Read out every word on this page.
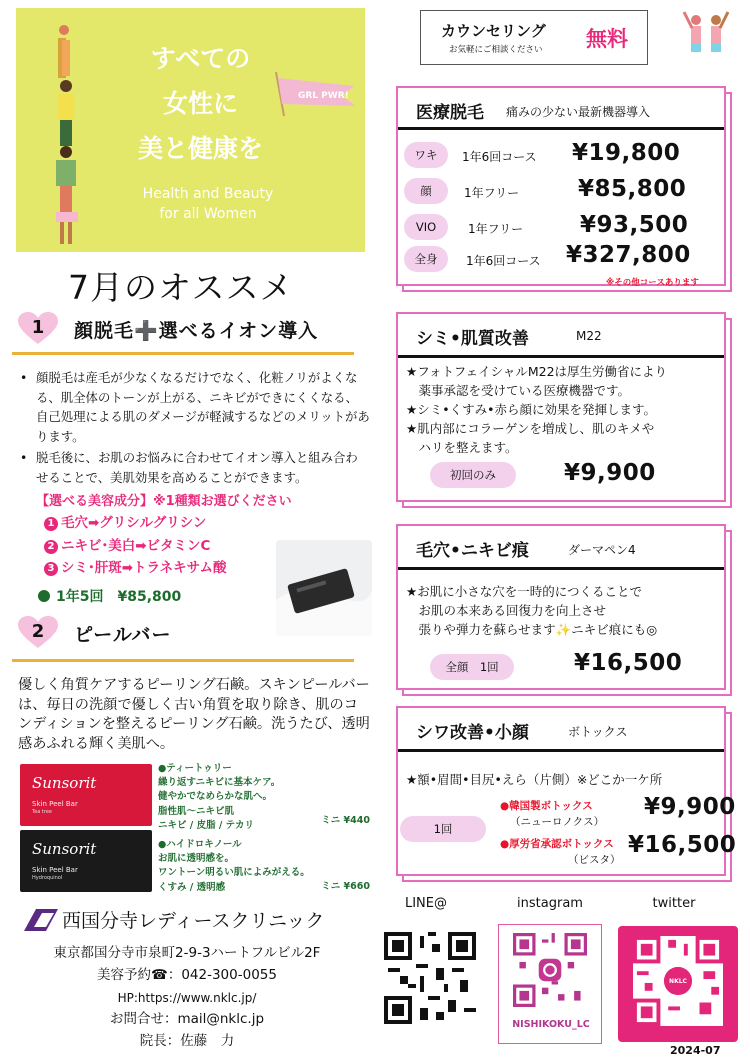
すべての
女性に
美と健康を
GRL PWR!
Health and Beauty
for all Women
7月のオススメ
1	顔脱毛➕選べるイオン導入
• 顔脱毛は産毛が少なくなるだけでなく、化粧ノリがよくなる、肌全体のトーンが上がる、ニキビができにくくなる、自己処理による肌のダメージが軽減するなどのメリットがあります。
• 脱毛後に、お肌のお悩みに合わせてイオン導入と組み合わせることで、美肌効果を高めることができます。
【選べる美容成分】※1種類お選びください
1 毛穴➡グリシルグリシン
2 ニキビ･美白➡ビタミンC
3 シミ･肝斑➡トラネキサム酸
1年5回　¥85,800
2	ピールバー
優しく角質ケアするピーリング石鹸。スキンピールバーは、毎日の洗顔で優しく古い角質を取り除き、肌のコンディションを整えるピーリング石鹸。洗うたび、透明感あふれる輝く美肌へ。
Sunsorit
Skin Peel Bar
Tea tree
●ティートゥリー
繰り返すニキビに基本ケア。
健やかでなめらかな肌へ。
脂性肌〜ニキビ肌
ニキビ / 皮脂 / テカリ	ミニ ¥440
Sunsorit
Skin Peel Bar
Hydroquinol
●ハイドロキノール
お肌に透明感を。
ワントーン明るい肌によみがえる。
くすみ / 透明感	ミニ ¥660
西国分寺レディースクリニック
東京都国分寺市泉町2-9-3ハートフルビル2F
美容予約☎：042-300-0055
HP:https://www.nklc.jp/
お問合せ：mail@nklc.jp
院長：佐藤　力
カウンセリング
お気軽にご相談ください 無料
医療脱毛 痛みの少ない最新機器導入
ワキ	1年6回コース ¥19,800
顔	1年フリー	¥85,800
VIO	1年フリー ¥93,500
全身	1年6回コース ¥327,800
※その他コースあります
シミ•肌質改善	M22
★フォトフェイシャルM22は厚生労働省により
　薬事承認を受けている医療機器です。
★シミ•くすみ•赤ら顔に効果を発揮します。
★肌内部にコラーゲンを増成し、肌のキメや
　ハリを整えます。
初回のみ	¥9,900
毛穴•ニキビ痕	ダーマペン4
★お肌に小さな穴を一時的につくることで
　お肌の本来ある回復力を向上させ
　張りや弾力を蘇らせます✨ニキビ痕にも◎
全顔　1回	¥16,500
シワ改善•小顔	ボトックス
★額•眉間•目尻•えら（片側）※どこか一ケ所
1回
●韓国製ボトックス
（ニューロノクス）
¥9,900
●厚労省承認ボトックス
（ビスタ）
¥16,500
LINE@	instagram	twitter
NISHIKOKU_LC
NKLC
2024-07
